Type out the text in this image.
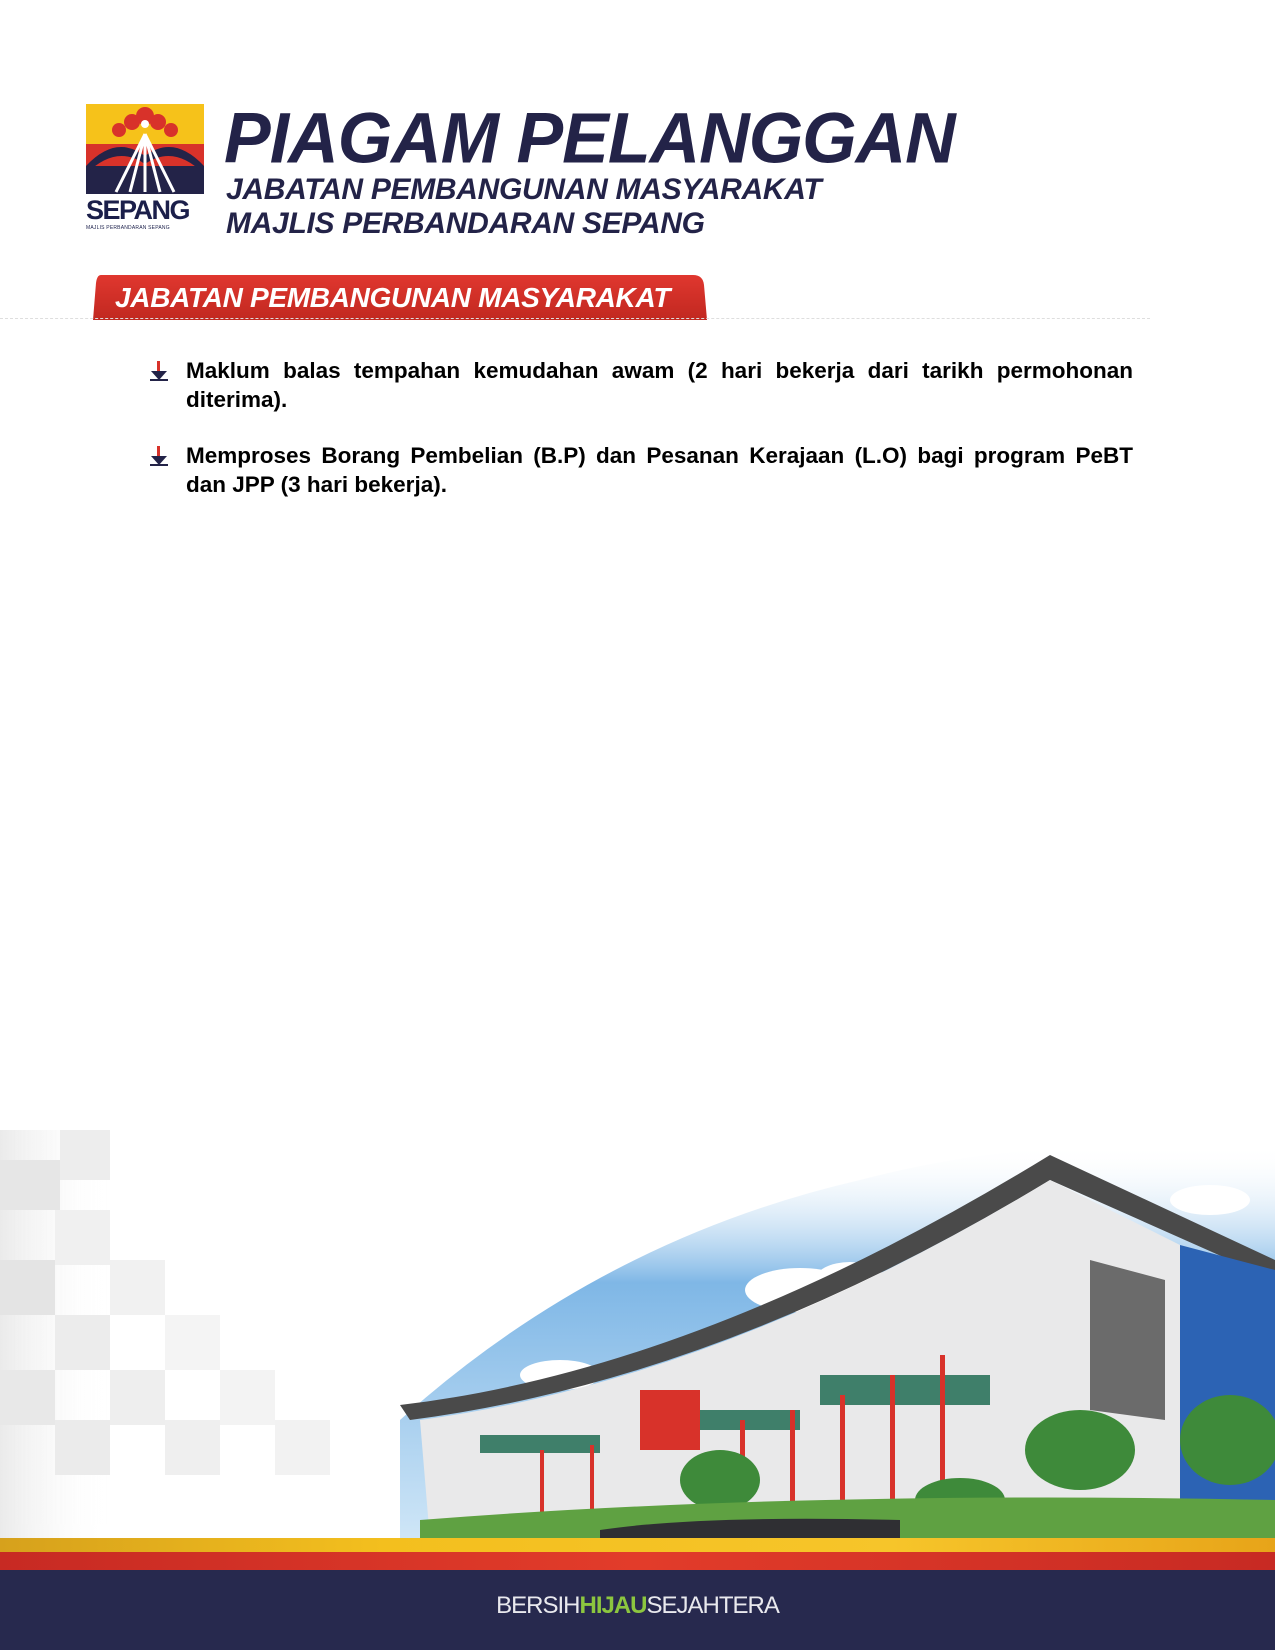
SEPANG
MAJLIS PERBANDARAN SEPANG
PIAGAM PELANGGAN
JABATAN PEMBANGUNAN MASYARAKAT
MAJLIS PERBANDARAN SEPANG
JABATAN PEMBANGUNAN MASYARAKAT
Maklum balas tempahan kemudahan awam (2 hari bekerja dari tarikh permohonan diterima).
Memproses Borang Pembelian (B.P) dan Pesanan Kerajaan (L.O) bagi program PeBT dan JPP (3 hari bekerja).
BERSIHHIJAUSEJAHTERA
